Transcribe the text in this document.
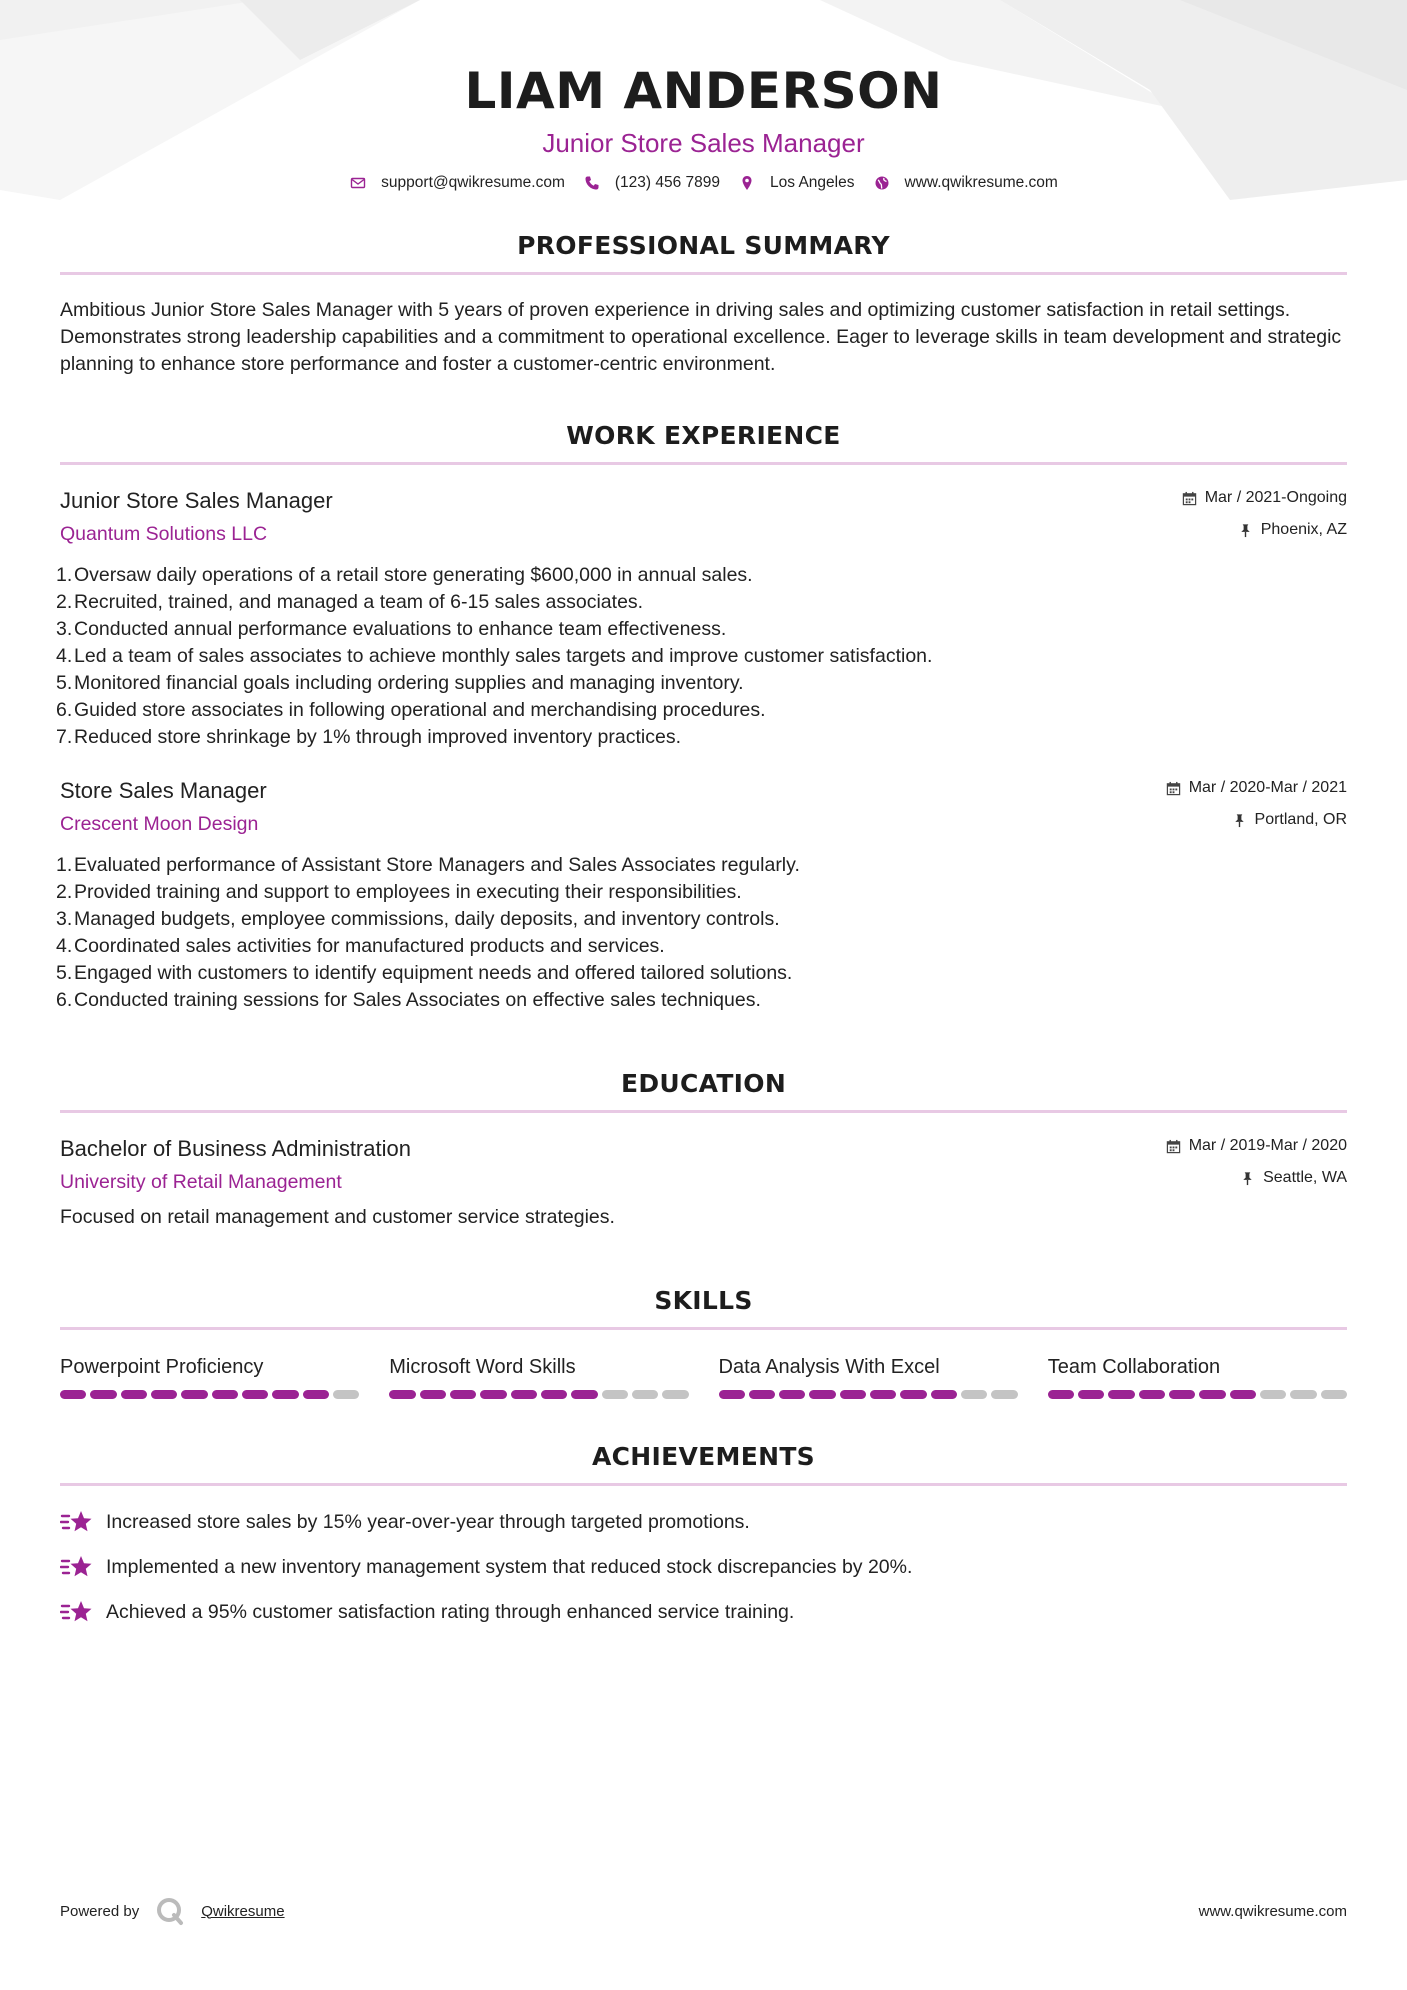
LIAM ANDERSON
Junior Store Sales Manager
support@qwikresume.com	(123) 456 7899	Los Angeles	www.qwikresume.com
PROFESSIONAL SUMMARY

Ambitious Junior Store Sales Manager with 5 years of proven experience in driving sales and optimizing customer satisfaction in retail settings. Demonstrates strong leadership capabilities and a commitment to operational excellence. Eager to leverage skills in team development and strategic planning to enhance store performance and foster a customer-centric environment.

WORK EXPERIENCE
Junior Store Sales Manager
Quantum Solutions LLC
Mar / 2021-Ongoing
Phoenix, AZ
1. Oversaw daily operations of a retail store generating $600,000 in annual sales.
2. Recruited, trained, and managed a team of 6-15 sales associates.
3. Conducted annual performance evaluations to enhance team effectiveness.
4. Led a team of sales associates to achieve monthly sales targets and improve customer satisfaction.
5. Monitored financial goals including ordering supplies and managing inventory.
6. Guided store associates in following operational and merchandising procedures.
7. Reduced store shrinkage by 1% through improved inventory practices.
Store Sales Manager
Crescent Moon Design
Mar / 2020-Mar / 2021
Portland, OR
1. Evaluated performance of Assistant Store Managers and Sales Associates regularly.
2. Provided training and support to employees in executing their responsibilities.
3. Managed budgets, employee commissions, daily deposits, and inventory controls.
4. Coordinated sales activities for manufactured products and services.
5. Engaged with customers to identify equipment needs and offered tailored solutions.
6. Conducted training sessions for Sales Associates on effective sales techniques.
EDUCATION
Bachelor of Business Administration
University of Retail Management
Mar / 2019-Mar / 2020
Seattle, WA

Focused on retail management and customer service strategies.

SKILLS
Powerpoint Proficiency	Microsoft Word Skills	Data Analysis With Excel	Team Collaboration
ACHIEVEMENTS
Increased store sales by 15% year-over-year through targeted promotions.
Implemented a new inventory management system that reduced stock discrepancies by 20%.
Achieved a 95% customer satisfaction rating through enhanced service training.
Powered by	Qwikresume	www.qwikresume.com
